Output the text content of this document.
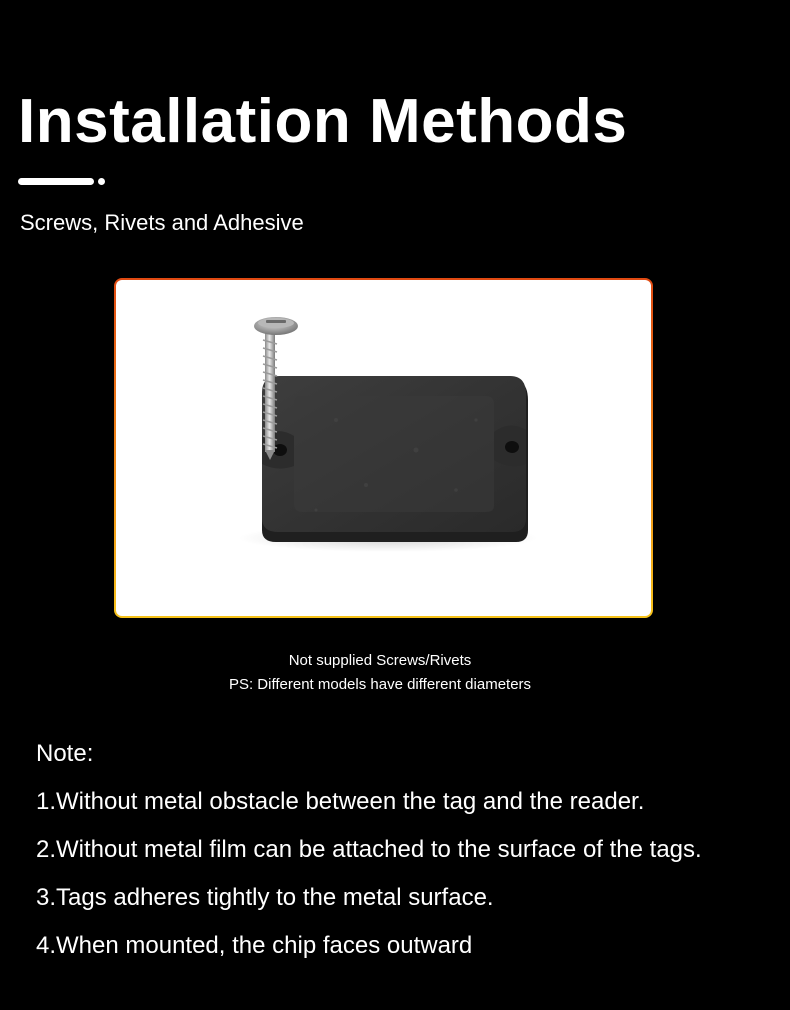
Installation Methods
Screws, Rivets and Adhesive
Not supplied Screws/Rivets
PS: Different models have different diameters
Note:
1.Without metal obstacle between the tag and the reader.
2.Without metal film can be attached to the surface of the tags.
3.Tags adheres tightly to the metal surface.
4.When mounted, the chip faces outward
